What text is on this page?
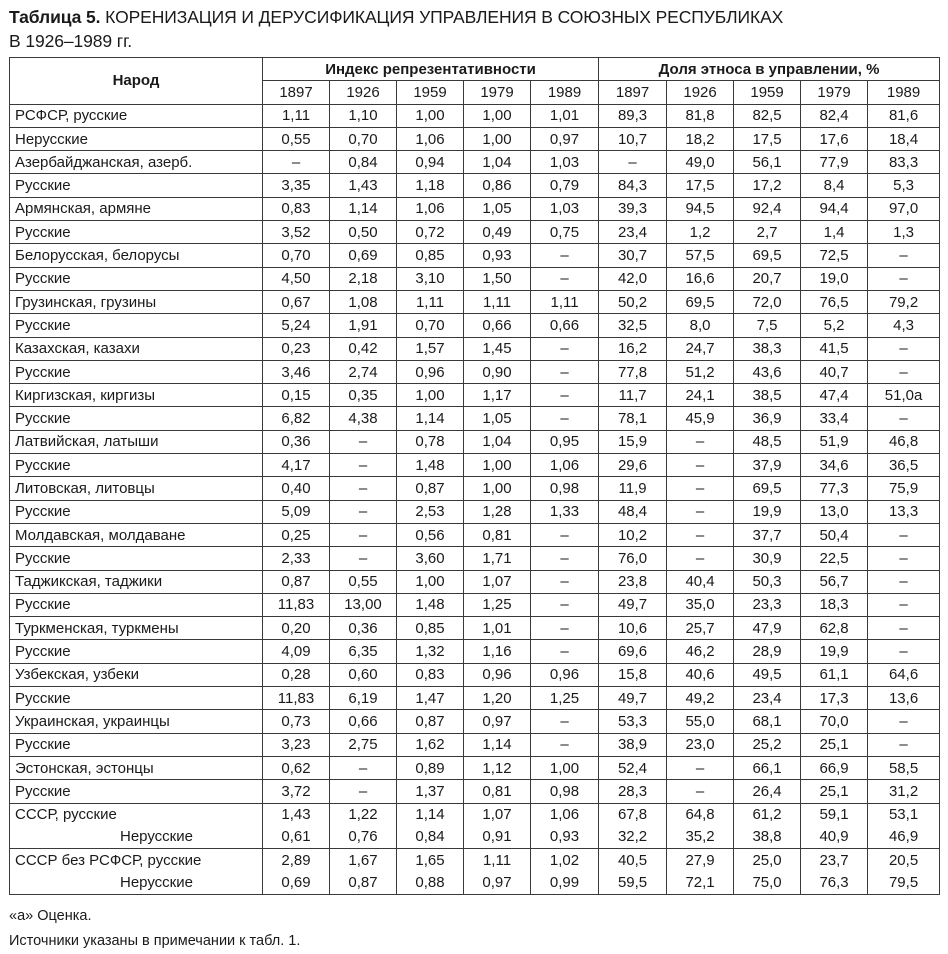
Таблица 5. КОРЕНИЗАЦИЯ И ДЕРУСИФИКАЦИЯ УПРАВЛЕНИЯ В СОЮЗНЫХ РЕСПУБЛИКАХ
В 1926–1989 гг.
Народ	Индекс репрезентативности					Доля этноса в управлении, %				
	1897	1926	1959	1979	1989	1897	1926	1959	1979	1989
РСФСР, русские	1,11	1,10	1,00	1,00	1,01	89,3	81,8	82,5	82,4	81,6
Нерусские	0,55	0,70	1,06	1,00	0,97	10,7	18,2	17,5	17,6	18,4
Азербайджанская, азерб.	–	0,84	0,94	1,04	1,03	–	49,0	56,1	77,9	83,3
Русские	3,35	1,43	1,18	0,86	0,79	84,3	17,5	17,2	8,4	5,3
Армянская, армяне	0,83	1,14	1,06	1,05	1,03	39,3	94,5	92,4	94,4	97,0
Русские	3,52	0,50	0,72	0,49	0,75	23,4	1,2	2,7	1,4	1,3
Белорусская, белорусы	0,70	0,69	0,85	0,93	–	30,7	57,5	69,5	72,5	–
Русские	4,50	2,18	3,10	1,50	–	42,0	16,6	20,7	19,0	–
Грузинская, грузины	0,67	1,08	1,11	1,11	1,11	50,2	69,5	72,0	76,5	79,2
Русские	5,24	1,91	0,70	0,66	0,66	32,5	8,0	7,5	5,2	4,3
Казахская, казахи	0,23	0,42	1,57	1,45	–	16,2	24,7	38,3	41,5	–
Русские	3,46	2,74	0,96	0,90	–	77,8	51,2	43,6	40,7	–
Киргизская, киргизы	0,15	0,35	1,00	1,17	–	11,7	24,1	38,5	47,4	51,0a
Русские	6,82	4,38	1,14	1,05	–	78,1	45,9	36,9	33,4	–
Латвийская, латыши	0,36	–	0,78	1,04	0,95	15,9	–	48,5	51,9	46,8
Русские	4,17	–	1,48	1,00	1,06	29,6	–	37,9	34,6	36,5
Литовская, литовцы	0,40	–	0,87	1,00	0,98	11,9	–	69,5	77,3	75,9
Русские	5,09	–	2,53	1,28	1,33	48,4	–	19,9	13,0	13,3
Молдавская, молдаване	0,25	–	0,56	0,81	–	10,2	–	37,7	50,4	–
Русские	2,33	–	3,60	1,71	–	76,0	–	30,9	22,5	–
Таджикская, таджики	0,87	0,55	1,00	1,07	–	23,8	40,4	50,3	56,7	–
Русские	11,83	13,00	1,48	1,25	–	49,7	35,0	23,3	18,3	–
Туркменская, туркмены	0,20	0,36	0,85	1,01	–	10,6	25,7	47,9	62,8	–
Русские	4,09	6,35	1,32	1,16	–	69,6	46,2	28,9	19,9	–
Узбекская, узбеки	0,28	0,60	0,83	0,96	0,96	15,8	40,6	49,5	61,1	64,6
Русские	11,83	6,19	1,47	1,20	1,25	49,7	49,2	23,4	17,3	13,6
Украинская, украинцы	0,73	0,66	0,87	0,97	–	53,3	55,0	68,1	70,0	–
Русские	3,23	2,75	1,62	1,14	–	38,9	23,0	25,2	25,1	–
Эстонская, эстонцы	0,62	–	0,89	1,12	1,00	52,4	–	66,1	66,9	58,5
Русские	3,72	–	1,37	0,81	0,98	28,3	–	26,4	25,1	31,2
СССР, русские	1,43	1,22	1,14	1,07	1,06	67,8	64,8	61,2	59,1	53,1
Нерусские	0,61	0,76	0,84	0,91	0,93	32,2	35,2	38,8	40,9	46,9
СССР без РСФСР, русские	2,89	1,67	1,65	1,11	1,02	40,5	27,9	25,0	23,7	20,5
Нерусские	0,69	0,87	0,88	0,97	0,99	59,5	72,1	75,0	76,3	79,5
«а» Оценка.
Источники указаны в примечании к табл. 1.
